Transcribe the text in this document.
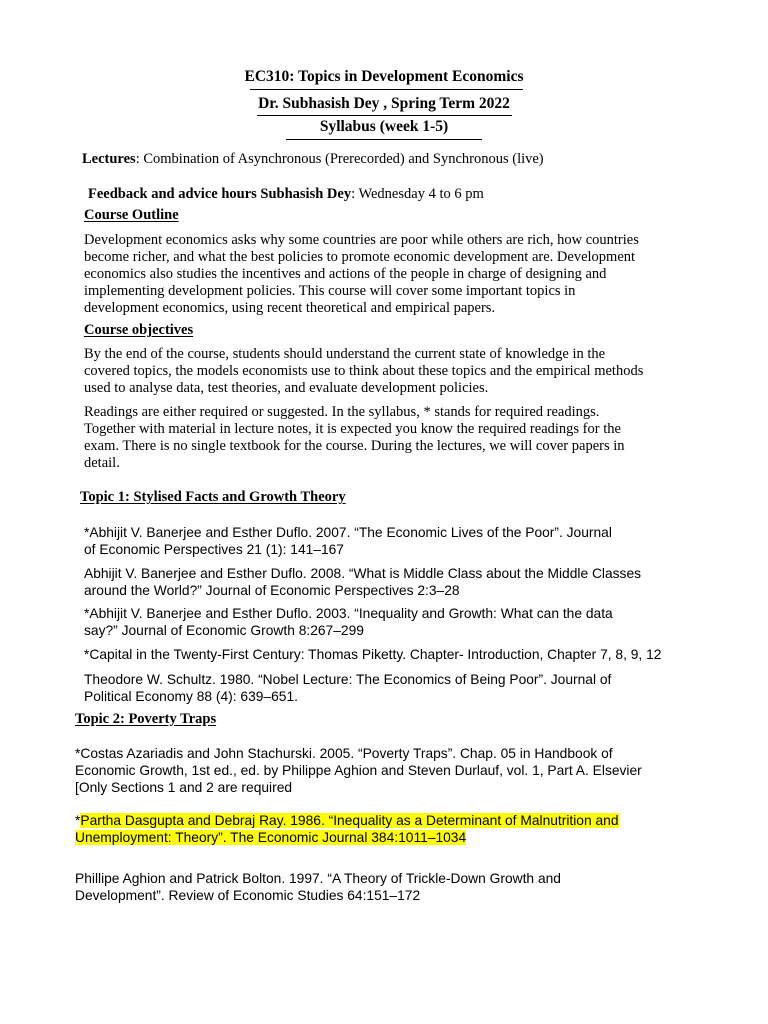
EC310: Topics in Development Economics
Dr. Subhasish Dey , Spring Term 2022
Syllabus (week 1-5)
Lectures: Combination of Asynchronous (Prerecorded) and Synchronous (live)
Feedback and advice hours Subhasish Dey: Wednesday 4 to 6 pm
Course Outline
Development economics asks why some countries are poor while others are rich, how countries
become richer, and what the best policies to promote economic development are. Development
economics also studies the incentives and actions of the people in charge of designing and
implementing development policies. This course will cover some important topics in
development economics, using recent theoretical and empirical papers.
Course objectives
By the end of the course, students should understand the current state of knowledge in the
covered topics, the models economists use to think about these topics and the empirical methods
used to analyse data, test theories, and evaluate development policies.
Readings are either required or suggested. In the syllabus, * stands for required readings.
Together with material in lecture notes, it is expected you know the required readings for the
exam. There is no single textbook for the course. During the lectures, we will cover papers in
detail.
Topic 1: Stylised Facts and Growth Theory
*Abhijit V. Banerjee and Esther Duflo. 2007. “The Economic Lives of the Poor”. Journal
of Economic Perspectives 21 (1): 141–167
Abhijit V. Banerjee and Esther Duflo. 2008. “What is Middle Class about the Middle Classes
around the World?” Journal of Economic Perspectives 2:3–28
*Abhijit V. Banerjee and Esther Duflo. 2003. “Inequality and Growth: What can the data
say?” Journal of Economic Growth 8:267–299
*Capital in the Twenty-First Century: Thomas Piketty. Chapter- Introduction, Chapter 7, 8, 9, 12
Theodore W. Schultz. 1980. “Nobel Lecture: The Economics of Being Poor”. Journal of
Political Economy 88 (4): 639–651.
Topic 2: Poverty Traps
*Costas Azariadis and John Stachurski. 2005. “Poverty Traps”. Chap. 05 in Handbook of
Economic Growth, 1st ed., ed. by Philippe Aghion and Steven Durlauf, vol. 1, Part A. Elsevier
[Only Sections 1 and 2 are required
*Partha Dasgupta and Debraj Ray. 1986. “Inequality as a Determinant of Malnutrition and
Unemployment: Theory”. The Economic Journal 384:1011–1034
Phillipe Aghion and Patrick Bolton. 1997. “A Theory of Trickle-Down Growth and
Development”. Review of Economic Studies 64:151–172
